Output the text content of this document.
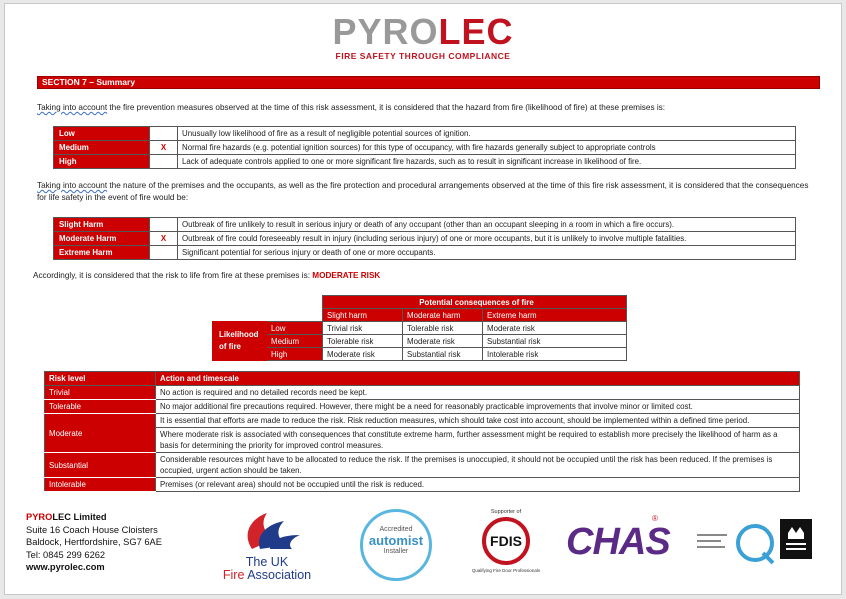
PYROLEC
FIRE SAFETY THROUGH COMPLIANCE
SECTION 7 – Summary
Taking into account the fire prevention measures observed at the time of this risk assessment, it is considered that the hazard from fire (likelihood of fire) at these premises is:
Low		Unusually low likelihood of fire as a result of negligible potential sources of ignition.
Medium	X	Normal fire hazards (e.g. potential ignition sources) for this type of occupancy, with fire hazards generally subject to appropriate controls
High		Lack of adequate controls applied to one or more significant fire hazards, such as to result in significant increase in likelihood of fire.
Taking into account the nature of the premises and the occupants, as well as the fire protection and procedural arrangements observed at the time of this fire risk assessment, it is considered that the consequences for life safety in the event of fire would be:
Slight Harm		Outbreak of fire unlikely to result in serious injury or death of any occupant (other than an occupant sleeping in a room in which a fire occurs).
Moderate Harm	X	Outbreak of fire could foreseeably result in injury (including serious injury) of one or more occupants, but it is unlikely to involve multiple fatalities.
Extreme Harm		Significant potential for serious injury or death of one or more occupants.
Accordingly, it is considered that the risk to life from fire at these premises is: MODERATE RISK
		Potential consequences of fire		
		Slight harm	Moderate harm	Extreme harm
Likelihood of fire	Low	Trivial risk	Tolerable risk	Moderate risk
	Medium	Tolerable risk	Moderate risk	Substantial risk
	High	Moderate risk	Substantial risk	Intolerable risk
Risk level	Action and timescale
Trivial	No action is required and no detailed records need be kept.
Tolerable	No major additional fire precautions required. However, there might be a need for reasonably practicable improvements that involve minor or limited cost.
Moderate	It is essential that efforts are made to reduce the risk. Risk reduction measures, which should take cost into account, should be implemented within a defined time period.
	Where moderate risk is associated with consequences that constitute extreme harm, further assessment might be required to establish more precisely the likelihood of harm as a basis for determining the priority for improved control measures.
Substantial	Considerable resources might have to be allocated to reduce the risk. If the premises is unoccupied, it should not be occupied until the risk has been reduced. If the premises is occupied, urgent action should be taken.
Intolerable	Premises (or relevant area) should not be occupied until the risk is reduced.
PYROLEC Limited
Suite 16 Coach House Cloisters
Baldock, Hertfordshire, SG7 6AE
Tel: 0845 299 6262
www.pyrolec.com	The UK
Fire Association
Accredited
automist
Installer
Supporter of
FDIS
Qualifying Fire Door Professionals
CHAS
®
